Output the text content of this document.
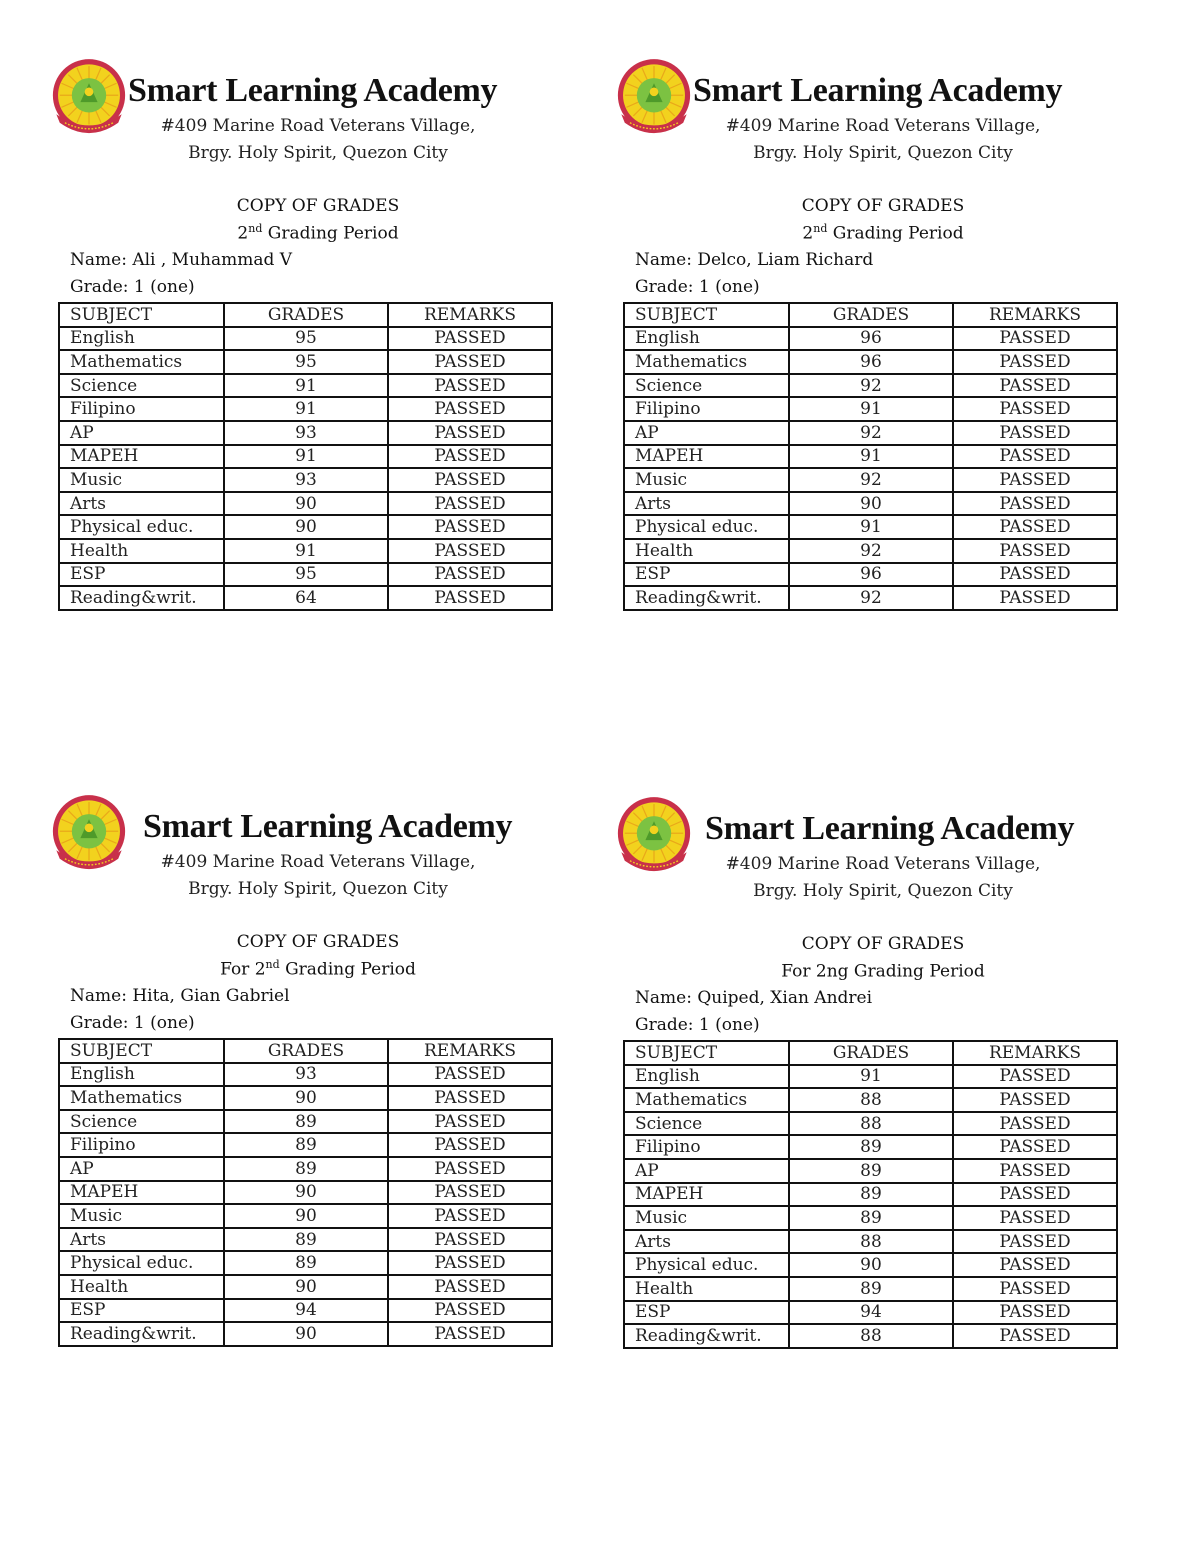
Smart Learning Academy
#409 Marine Road Veterans Village,
Brgy. Holy Spirit, Quezon City
COPY OF GRADES
2nd Grading Period
Name: Ali , Muhammad V
Grade: 1 (one)
SUBJECT	GRADES	REMARKS
English	95	PASSED
Mathematics	95	PASSED
Science	91	PASSED
Filipino	91	PASSED
AP	93	PASSED
MAPEH	91	PASSED
Music	93	PASSED
Arts	90	PASSED
Physical educ.	90	PASSED
Health	91	PASSED
ESP	95	PASSED
Reading&writ.	64	PASSED
Smart Learning Academy
#409 Marine Road Veterans Village,
Brgy. Holy Spirit, Quezon City
COPY OF GRADES
2nd Grading Period
Name: Delco, Liam Richard
Grade: 1 (one)
SUBJECT	GRADES	REMARKS
English	96	PASSED
Mathematics	96	PASSED
Science	92	PASSED
Filipino	91	PASSED
AP	92	PASSED
MAPEH	91	PASSED
Music	92	PASSED
Arts	90	PASSED
Physical educ.	91	PASSED
Health	92	PASSED
ESP	96	PASSED
Reading&writ.	92	PASSED
Smart Learning Academy
#409 Marine Road Veterans Village,
Brgy. Holy Spirit, Quezon City
COPY OF GRADES
For 2nd Grading Period
Name: Hita, Gian Gabriel
Grade: 1 (one)
SUBJECT	GRADES	REMARKS
English	93	PASSED
Mathematics	90	PASSED
Science	89	PASSED
Filipino	89	PASSED
AP	89	PASSED
MAPEH	90	PASSED
Music	90	PASSED
Arts	89	PASSED
Physical educ.	89	PASSED
Health	90	PASSED
ESP	94	PASSED
Reading&writ.	90	PASSED
Smart Learning Academy
#409 Marine Road Veterans Village,
Brgy. Holy Spirit, Quezon City
COPY OF GRADES
For 2ng Grading Period
Name: Quiped, Xian Andrei
Grade: 1 (one)
SUBJECT	GRADES	REMARKS
English	91	PASSED
Mathematics	88	PASSED
Science	88	PASSED
Filipino	89	PASSED
AP	89	PASSED
MAPEH	89	PASSED
Music	89	PASSED
Arts	88	PASSED
Physical educ.	90	PASSED
Health	89	PASSED
ESP	94	PASSED
Reading&writ.	88	PASSED
